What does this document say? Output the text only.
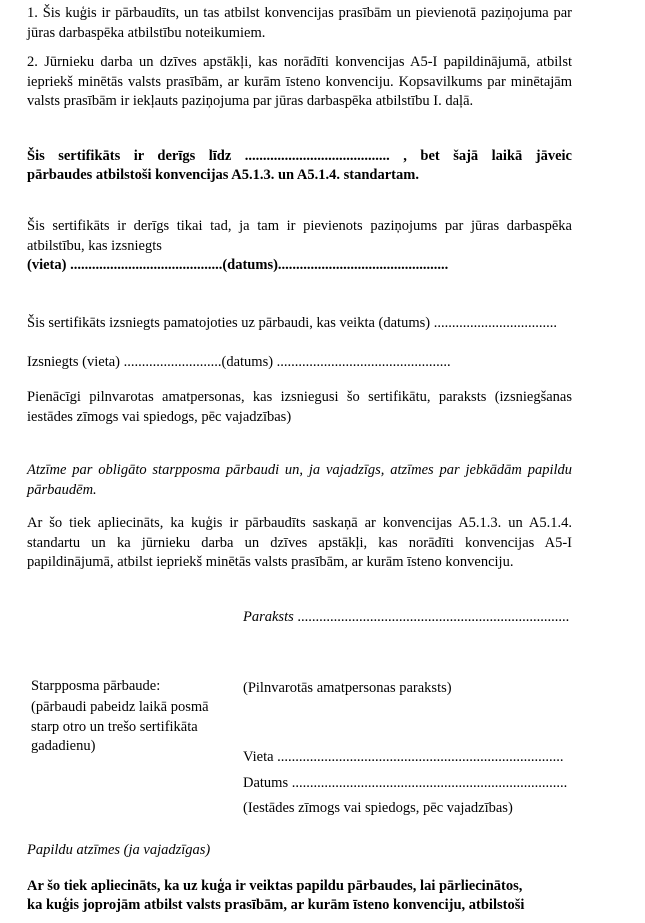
1. Šis kuģis ir pārbaudīts, un tas atbilst konvencijas prasībām un pievienotā paziņojuma par jūras darbaspēka atbilstību noteikumiem.

2. Jūrnieku darba un dzīves apstākļi, kas norādīti konvencijas A5-I papildinājumā, atbilst iepriekš minētās valsts prasībām, ar kurām īsteno konvenciju. Kopsavilkums par minētajām valsts prasībām ir iekļauts paziņojuma par jūras darbaspēka atbilstību I. daļā.

Šis sertifikāts ir derīgs līdz ........................................ , bet šajā laikā jāveic
pārbaudes atbilstoši konvencijas A5.1.3. un A5.1.4. standartam.

Šis sertifikāts ir derīgs tikai tad, ja tam ir pievienots paziņojums par jūras darbaspēka atbilstību, kas izsniegts

(vieta) ..........................................(datums)...............................................
Šis sertifikāts izsniegts pamatojoties uz pārbaudi, kas veikta (datums) ..................................
Izsniegts (vieta) ...........................(datums) ................................................

Pienācīgi pilnvarotas amatpersonas, kas izsniegusi šo sertifikātu, paraksts (izsniegšanas iestādes zīmogs vai spiedogs, pēc vajadzības)

Atzīme par obligāto starpposma pārbaudi un, ja vajadzīgs, atzīmes par jebkādām papildu pārbaudēm.

Ar šo tiek apliecināts, ka kuģis ir pārbaudīts saskaņā ar konvencijas A5.1.3. un A5.1.4. standartu un ka jūrnieku darba un dzīves apstākļi, kas norādīti konvencijas A5-I papildinājumā, atbilst iepriekš minētās valsts prasībām, ar kurām īsteno konvenciju.

Paraksts ...........................................................................
Starpposma pārbaude:

(pārbaudi pabeidz laikā posmā starp otro un trešo sertifikāta gadadienu)

(Pilnvarotās amatpersonas paraksts)
Vieta ...............................................................................
Datums ............................................................................
(Iestādes zīmogs vai spiedogs, pēc vajadzības)
Papildu atzīmes (ja vajadzīgas)
Ar šo tiek apliecināts, ka uz kuģa ir veiktas papildu pārbaudes, lai pārliecinātos,
ka kuģis joprojām atbilst valsts prasībām, ar kurām īsteno konvenciju, atbilstoši
